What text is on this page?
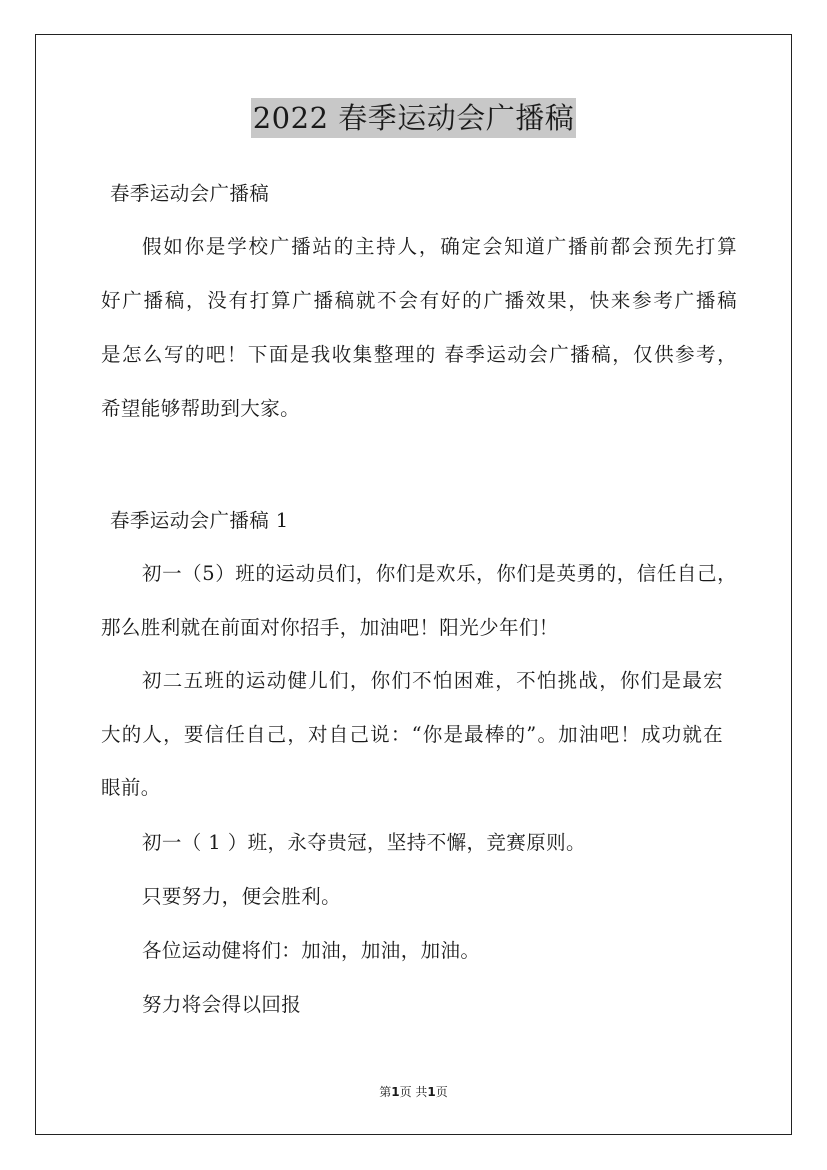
2022 春季运动会广播稿
春季运动会广播稿
假如你是学校广播站的主持人，确定会知道广播前都会预先打算
好广播稿，没有打算广播稿就不会有好的广播效果，快来参考广播稿
是怎么写的吧！下面是我收集整理的 春季运动会广播稿，仅供参考，
希望能够帮助到大家。
春季运动会广播稿 1
初一（5）班的运动员们，你们是欢乐，你们是英勇的，信任自己，
那么胜利就在前面对你招手，加油吧！阳光少年们！
初二五班的运动健儿们，你们不怕困难，不怕挑战，你们是最宏
大的人，要信任自己，对自己说：“你是最棒的”。加油吧！成功就在
眼前。
初一（ 1 ）班，永夺贵冠，坚持不懈，竞赛原则。
只要努力，便会胜利。
各位运动健将们：加油，加油，加油。
努力将会得以回报
第1页 共1页
